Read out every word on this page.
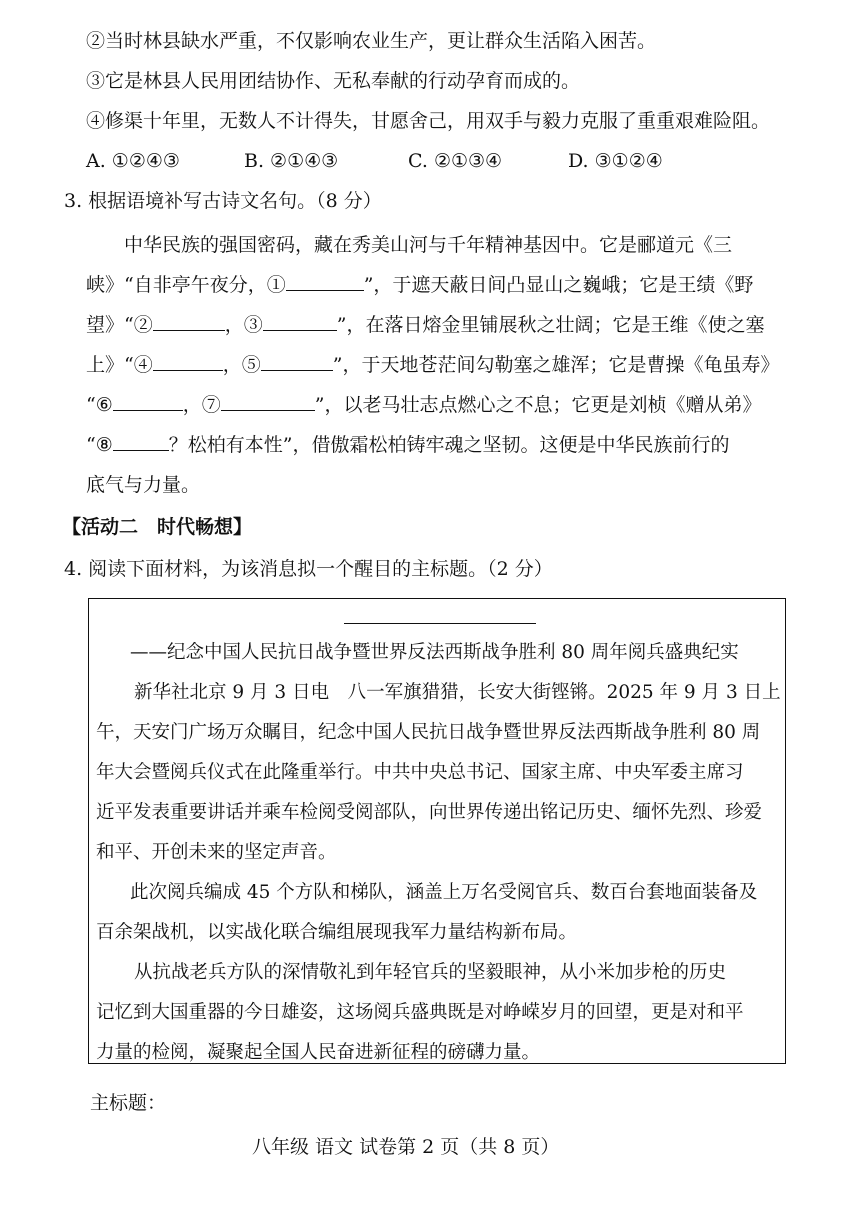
②当时林县缺水严重，不仅影响农业生产，更让群众生活陷入困苦。
③它是林县人民用团结协作、无私奉献的行动孕育而成的。
④修渠十年里，无数人不计得失，甘愿舍己，用双手与毅力克服了重重艰难险阻。
A. ①②④③	B. ②①④③	C. ②①③④	D. ③①②④
3. 根据语境补写古诗文名句。（8 分）
中华民族的强国密码，藏在秀美山河与千年精神基因中。它是郦道元《三
峡》“自非亭午夜分，①	”，于遮天蔽日间凸显山之巍峨；它是王绩《野
望》“②	，③	”，在落日熔金里铺展秋之壮阔；它是王维《使之塞
上》“④	，⑤	”，于天地苍茫间勾勒塞之雄浑；它是曹操《龟虽寿》
“⑥	，⑦	”，以老马壮志点燃心之不息；它更是刘桢《赠从弟》
“⑧	？松柏有本性”，借傲霜松柏铸牢魂之坚韧。这便是中华民族前行的
底气与力量。
【活动二　时代畅想】
4. 阅读下面材料，为该消息拟一个醒目的主标题。（2 分）
——纪念中国人民抗日战争暨世界反法西斯战争胜利 80 周年阅兵盛典纪实
新华社北京 9 月 3 日电　八一军旗猎猎，长安大街铿锵。2025 年 9 月 3 日上
午，天安门广场万众瞩目，纪念中国人民抗日战争暨世界反法西斯战争胜利 80 周
年大会暨阅兵仪式在此隆重举行。中共中央总书记、国家主席、中央军委主席习
近平发表重要讲话并乘车检阅受阅部队，向世界传递出铭记历史、缅怀先烈、珍爱
和平、开创未来的坚定声音。
此次阅兵编成 45 个方队和梯队，涵盖上万名受阅官兵、数百台套地面装备及
百余架战机，以实战化联合编组展现我军力量结构新布局。
从抗战老兵方队的深情敬礼到年轻官兵的坚毅眼神，从小米加步枪的历史
记忆到大国重器的今日雄姿，这场阅兵盛典既是对峥嵘岁月的回望，更是对和平
力量的检阅，凝聚起全国人民奋进新征程的磅礴力量。
主标题：
八年级 语文 试卷第 2 页（共 8 页）
